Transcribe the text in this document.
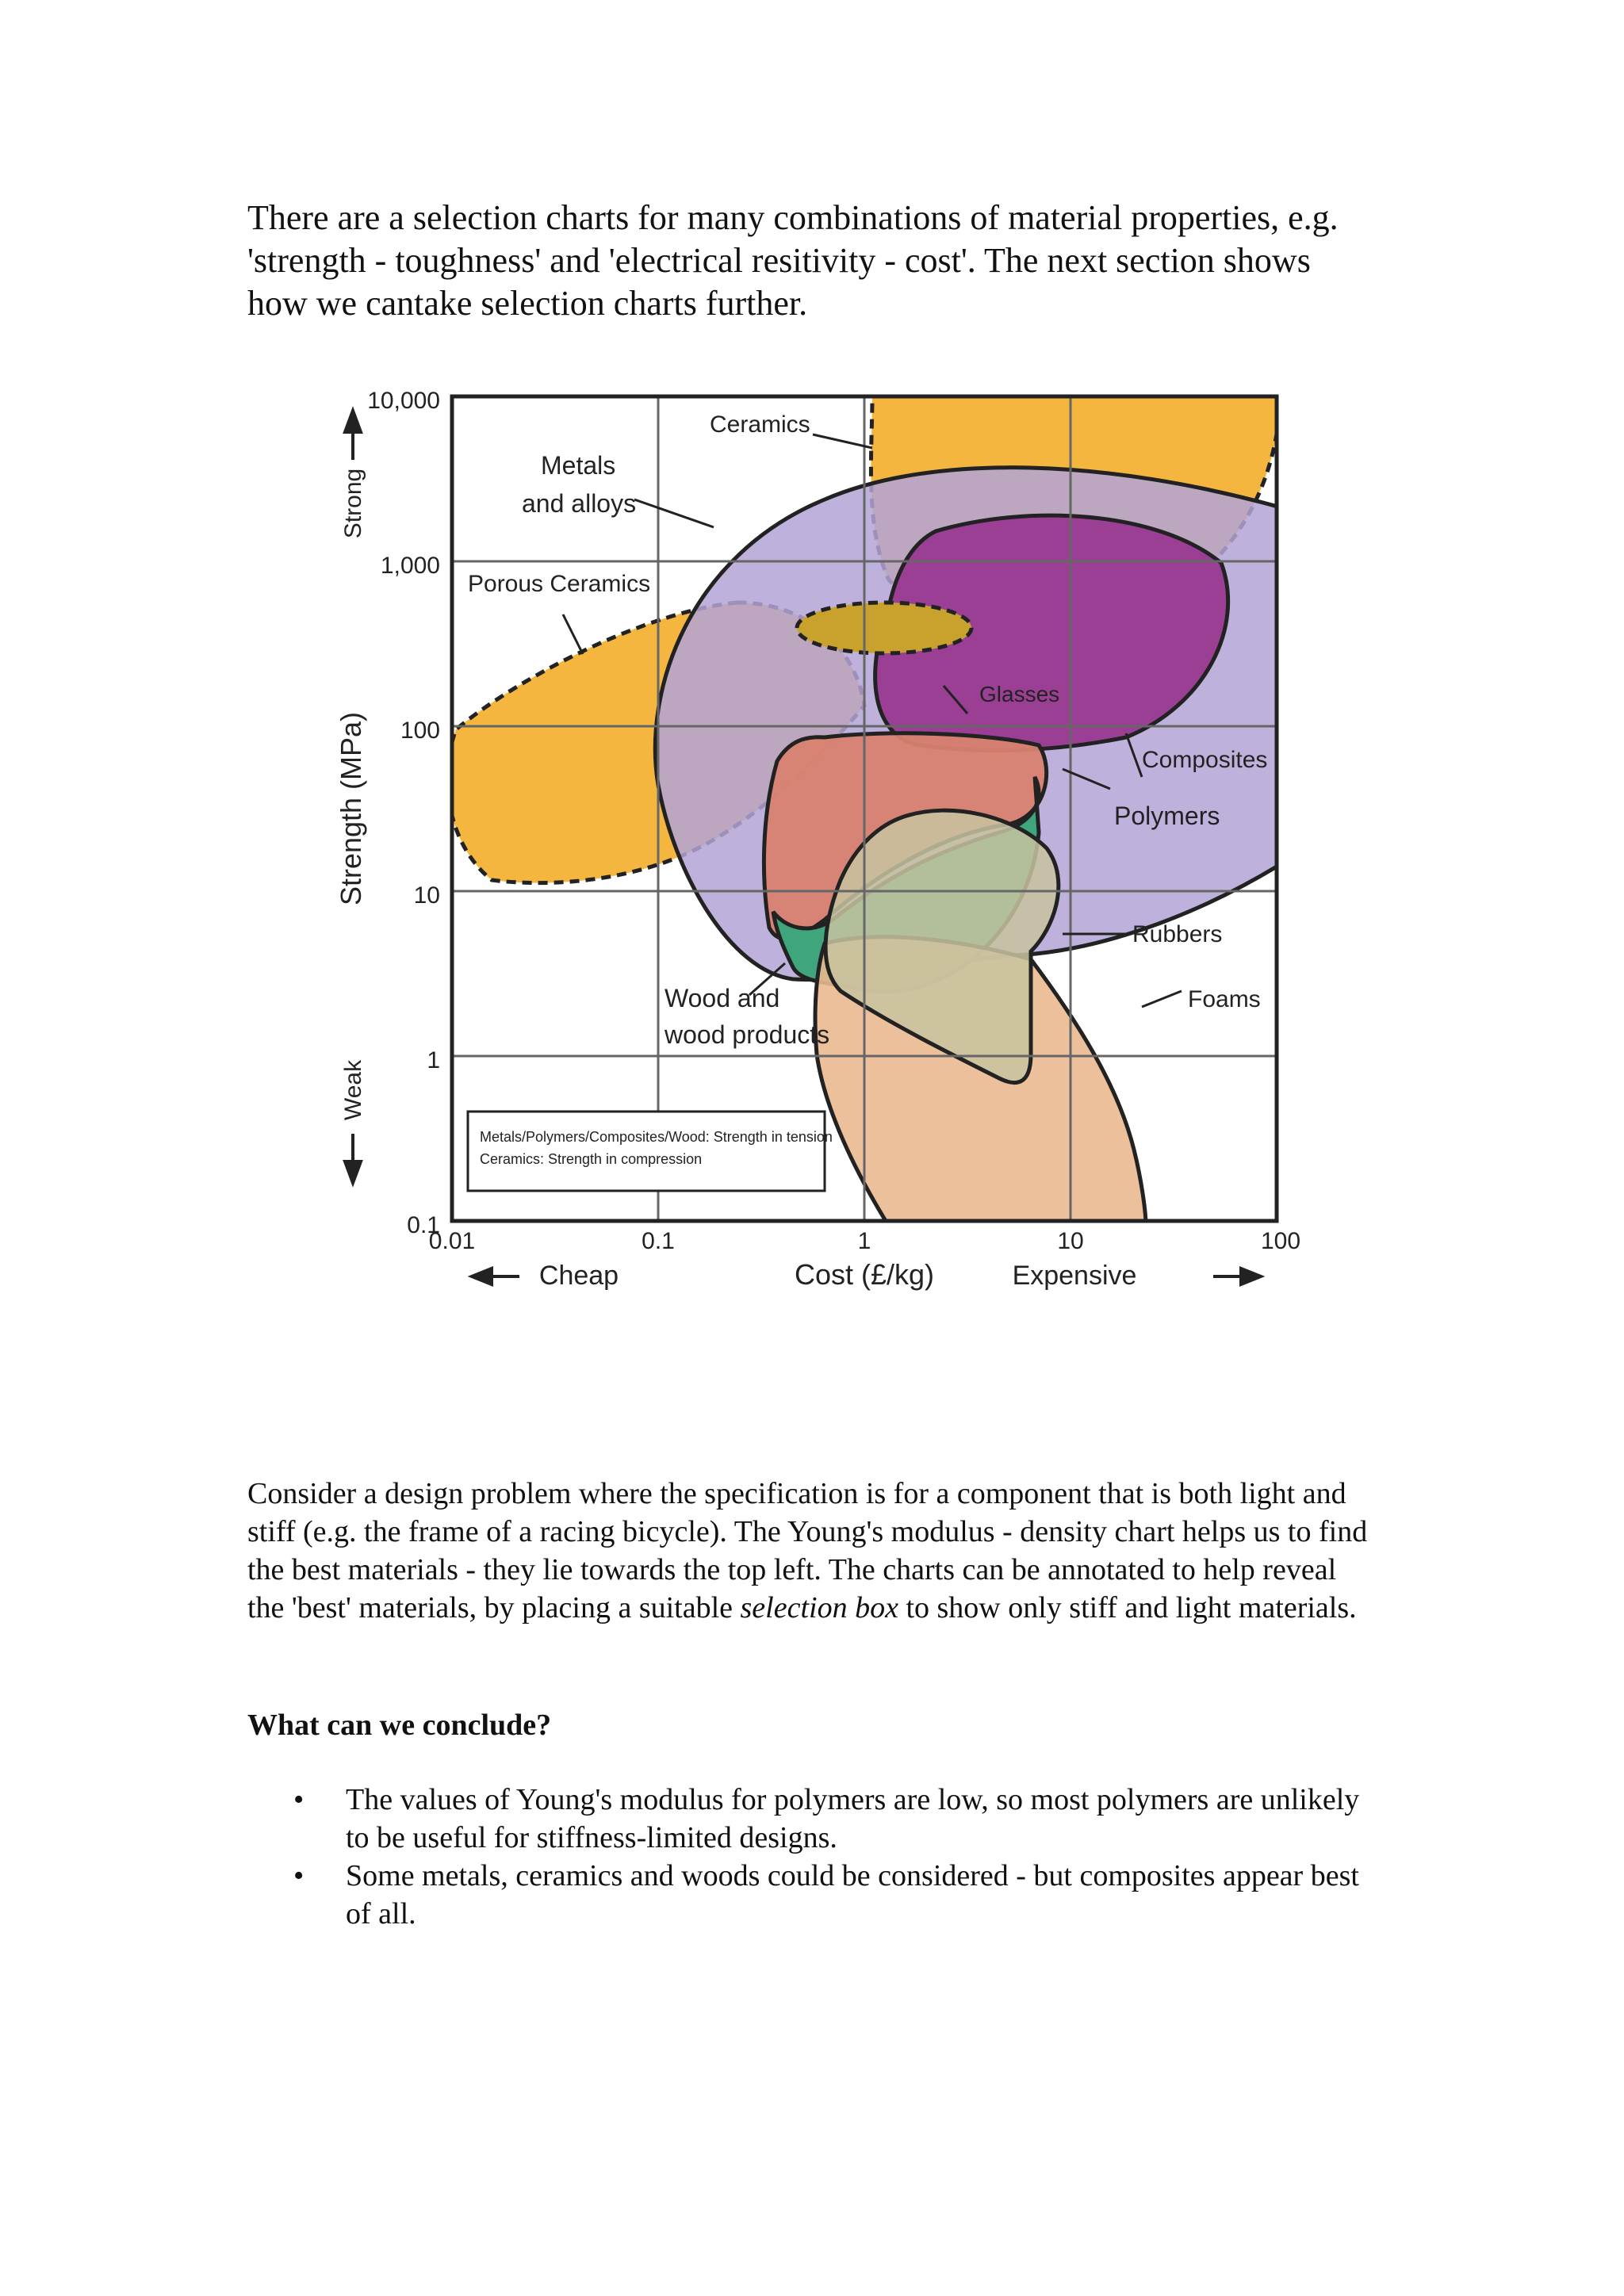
There are a selection charts for many combinations of material properties, e.g. 'strength - toughness' and 'electrical resitivity - cost'. The next section shows how we cantake selection charts further.
Ceramics
Metals
and alloys
Porous Ceramics
Glasses
Composites
Polymers
Rubbers
Foams
Wood and
wood products
Metals/Polymers/Composites/Wood: Strength in tension
Ceramics: Strength in compression
0.1
1
10
100
1,000
10,000
0.01	0.1	1	10	100
Cost (£/kg)
Cheap	Expensive
Strength (MPa)
Strong
Weak
Consider a design problem where the specification is for a component that is both light and stiff (e.g. the frame of a racing bicycle). The Young's modulus - density chart helps us to find the best materials - they lie towards the top left. The charts can be annotated to help reveal the 'best' materials, by placing a suitable selection box to show only stiff and light materials.
What can we conclude?
• The values of Young's modulus for polymers are low, so most polymers are unlikely to be useful for stiffness-limited designs.
• Some metals, ceramics and woods could be considered - but composites appear best of all.
